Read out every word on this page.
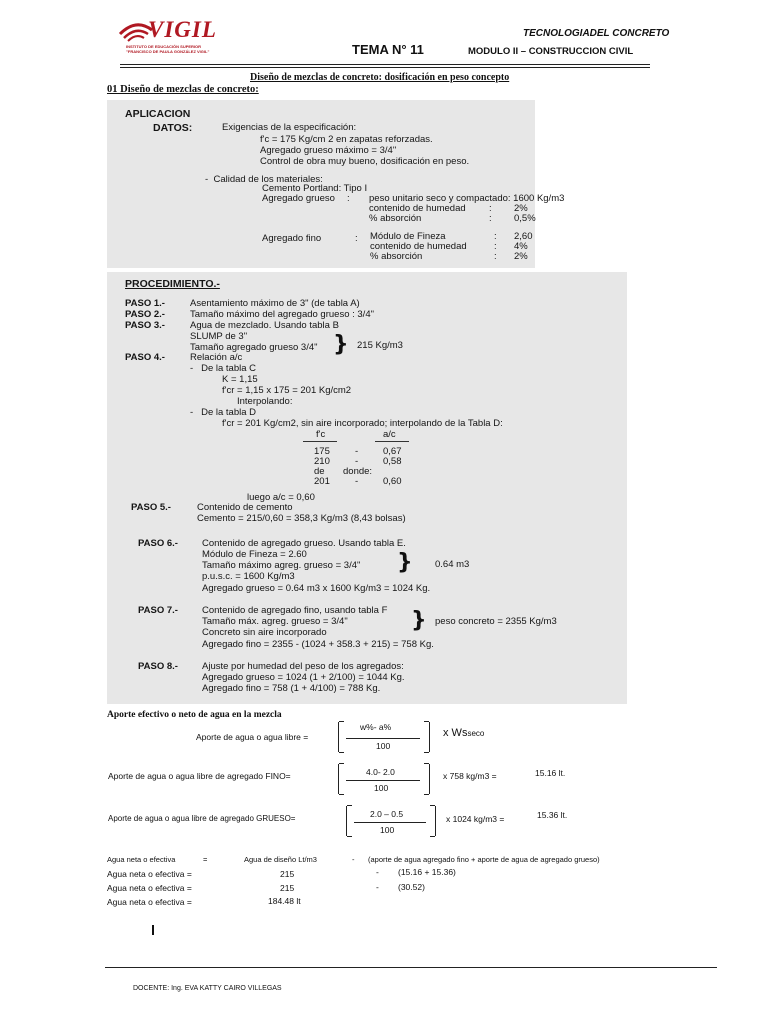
VIGIL
INSTITUTO DE EDUCACIÓN SUPERIOR
"FRANCISCO DE PAULA GONZÁLEZ VIGIL"
TECNOLOGIADEL CONCRETO
TEMA N° 11	MODULO II – CONSTRUCCION CIVIL
Diseño de mezclas de concreto: dosificación en peso concepto
01 Diseño de mezclas de concreto:
APLICACION
DATOS:	Exigencias de la especificación:
f'c = 175 Kg/cm 2 en zapatas reforzadas.
Agregado grueso máximo = 3/4"
Control de obra muy bueno, dosificación en peso.
-  Calidad de los materiales:
Cemento Portland: Tipo I
Agregado grueso : peso unitario seco y compactado: 1600 Kg/m3
contenido de humedad : 2%
% absorción	: 0,5%
Agregado fino	: Módulo de Fineza	: 2,60
contenido de humedad	: 4%
% absorción	: 2%
PROCEDIMIENTO.-
PASO 1.-	Asentamiento máximo de 3" (de tabla A)
PASO 2.-	Tamaño máximo del agregado grueso : 3/4"
PASO 3.-	Agua de mezclado. Usando tabla B
SLUMP de 3"
Tamaño agregado grueso 3/4" } 215 Kg/m3
PASO 4.-	Relación a/c
-   De la tabla C
K = 1,15
f'cr = 1,15 x 175 = 201 Kg/cm2
Interpolando:
-   De la tabla D
f'cr = 201 Kg/cm2, sin aire incorporado; interpolando de la Tabla D:
f'c	a/c
175	-	0,67
210	-	0,58
de donde:
201	-	0,60
luego a/c = 0,60
PASO 5.-	Contenido de cemento
Cemento = 215/0,60 = 358,3 Kg/m3 (8,43 bolsas)
PASO 6.-	Contenido de agregado grueso. Usando tabla E.
Módulo de Fineza = 2.60
Tamaño máximo agreg. grueso = 3/4"
p.u.s.c. = 1600 Kg/m3
} 0.64 m3
Agregado grueso = 0.64 m3 x 1600 Kg/m3 = 1024 Kg.
PASO 7.-	Contenido de agregado fino, usando tabla F
Tamaño máx. agreg. grueso = 3/4"
Concreto sin aire incorporado	} peso concreto = 2355 Kg/m3
Agregado fino = 2355 - (1024 + 358.3 + 215) = 758 Kg.
PASO 8.-	Ajuste por humedad del peso de los agregados:
Agregado grueso = 1024 (1 + 2/100) = 1044 Kg.
Agregado fino = 758 (1 + 4/100) = 788 Kg.
Aporte efectivo o neto de agua en la mezcla
Aporte de agua o agua libre =
w%- a%
100
x Wsseco
Aporte de agua o agua libre de agregado FINO=	4.0- 2.0
100
x 758 kg/m3 =	15.16 lt.
Aporte de agua o agua libre de agregado GRUESO=	2.0 – 0.5
100
x 1024 kg/m3 =	15.36 lt.
Agua neta o efectiva	=	Agua de diseño Lt/m3	- (aporte de agua agregado fino + aporte de agua de agregado grueso)
Agua neta o efectiva =	215	- (15.16 + 15.36)
Agua neta o efectiva =	215	- (30.52)
Agua neta o efectiva =	184.48 lt
DOCENTE: Ing. EVA KATTY CAIRO VILLEGAS
